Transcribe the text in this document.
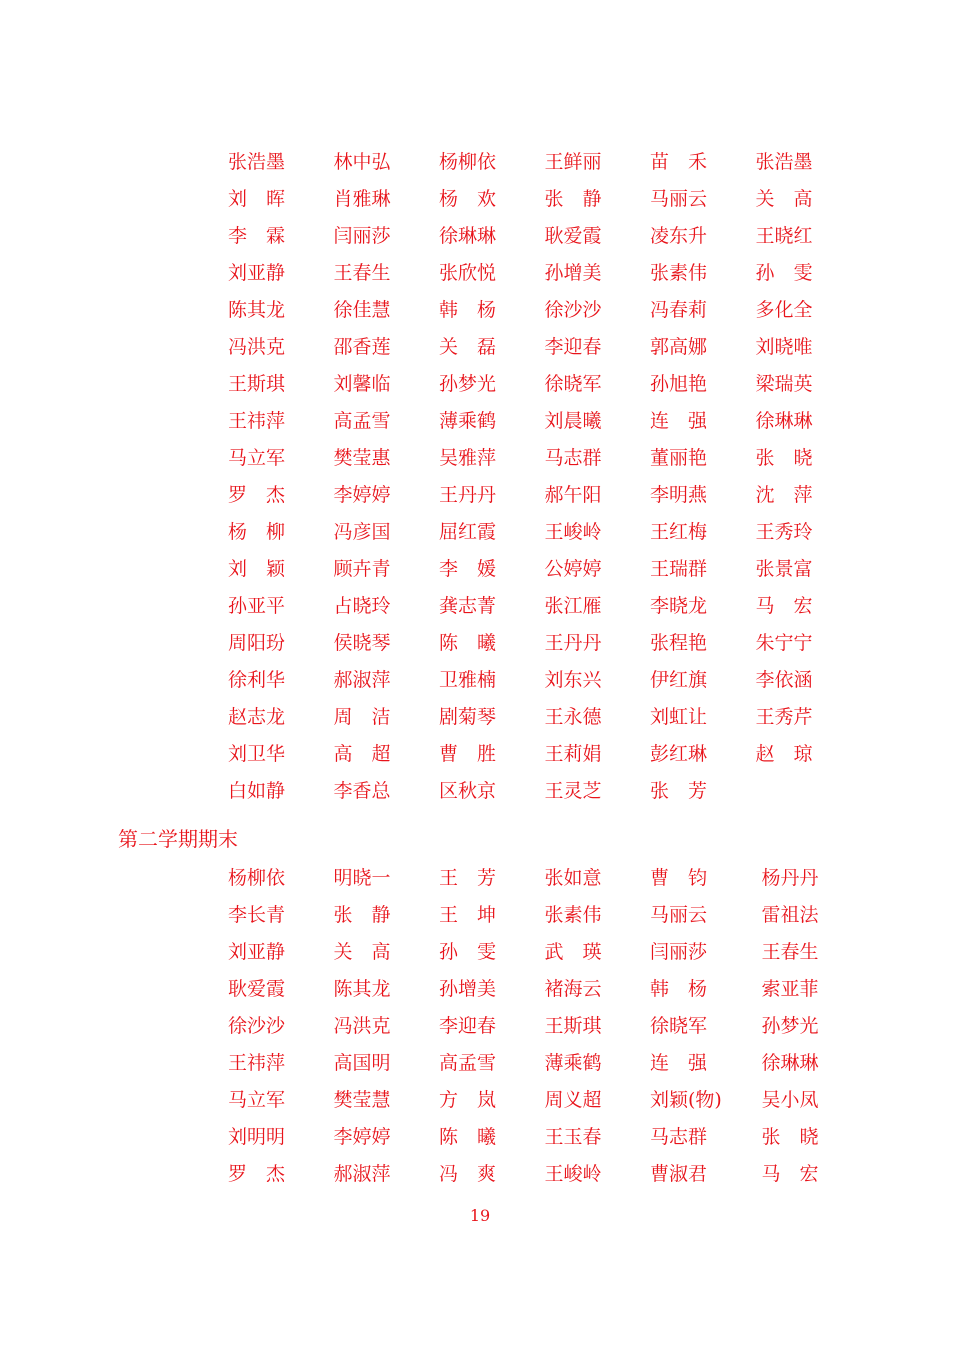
张浩墨	林中弘	杨柳依	王鲜丽	苗　禾	张浩墨
刘　晖	肖雅琳	杨　欢	张　静	马丽云	关　高
李　霖	闫丽莎	徐琳琳	耿爱霞	凌东升	王晓红
刘亚静	王春生	张欣悦	孙增美	张素伟	孙　雯
陈其龙	徐佳慧	韩　杨	徐沙沙	冯春莉	多化全
冯洪克	邵香莲	关　磊	李迎春	郭高娜	刘晓唯
王斯琪	刘馨临	孙梦光	徐晓军	孙旭艳	梁瑞英
王祎萍	高孟雪	薄乘鹤	刘晨曦	连　强	徐琳琳
马立军	樊莹惠	吴雅萍	马志群	董丽艳	张　晓
罗　杰	李婷婷	王丹丹	郝午阳	李明燕	沈　萍
杨　柳	冯彦国	屈红霞	王峻岭	王红梅	王秀玲
刘　颖	顾卉青	李　媛	公婷婷	王瑞群	张景富
孙亚平	占晓玲	龚志菁	张江雁	李晓龙	马　宏
周阳玢	侯晓琴	陈　曦	王丹丹	张程艳	朱宁宁
徐利华	郝淑萍	卫雅楠	刘东兴	伊红旗	李依涵
赵志龙	周　洁	剧菊琴	王永德	刘虹让	王秀芹
刘卫华	高　超	曹　胜	王莉娟	彭红琳	赵　琼
白如静	李香总	区秋京	王灵芝	张　芳
第二学期期末
杨柳依	明晓一	王　芳	张如意	曹　钧	杨丹丹
李长青	张　静	王　坤	张素伟	马丽云	雷祖法
刘亚静	关　高	孙　雯	武　瑛	闫丽莎	王春生
耿爱霞	陈其龙	孙增美	褚海云	韩　杨	索亚菲
徐沙沙	冯洪克	李迎春	王斯琪	徐晓军	孙梦光
王祎萍	高国明	高孟雪	薄乘鹤	连　强	徐琳琳
马立军	樊莹慧	方　岚	周义超	刘颖(物)	吴小凤
刘明明	李婷婷	陈　曦	王玉春	马志群	张　晓
罗　杰	郝淑萍	冯　爽	王峻岭	曹淑君	马　宏
19
